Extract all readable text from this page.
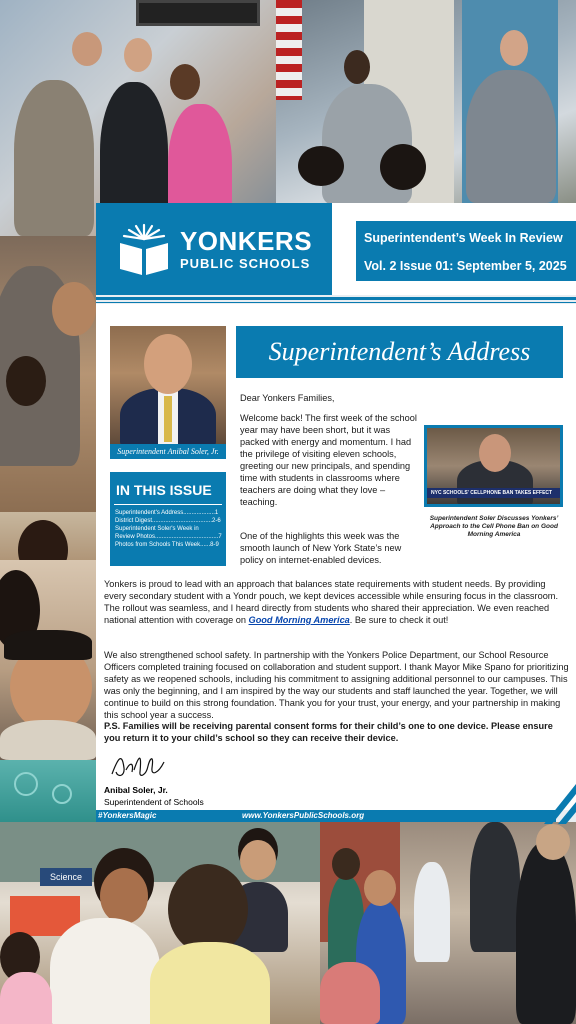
Science
YONKERS
PUBLIC SCHOOLS
Superintendent’s Week In Review
Vol. 2 Issue 01: September 5, 2025
Superintendent Anibal Soler, Jr.
IN THIS ISSUE
Superintendent's Address...................1
District Digest....................................2-6
Superintendent Soler's Week in
Review Photos......................................7
Photos from Schools This Week......8-9
Superintendent’s Address
Dear Yonkers Families,
Welcome back! The first week of the school year may have been short, but it was packed with energy and momentum. I had the privilege of visiting eleven schools, greeting our new principals, and spending time with students in classrooms where teachers are doing what they love – teaching.
One of the highlights this week was the smooth launch of New York State’s new policy on internet-enabled devices.
NYC SCHOOLS' CELLPHONE BAN TAKES EFFECT
Superintendent Soler Discusses Yonkers’ Approach to the Cell Phone Ban on Good Morning America
Yonkers is proud to lead with an approach that balances state requirements with student needs. By providing every secondary student with a Yondr pouch, we kept devices accessible while ensuring focus in the classroom. The rollout was seamless, and I heard directly from students who shared their appreciation. We even reached national attention with coverage on Good Morning America. Be sure to check it out!
We also strengthened school safety. In partnership with the Yonkers Police Department, our School Resource Officers completed training focused on collaboration and student support. I thank Mayor Mike Spano for prioritizing safety as we reopened schools, including his commitment to assigning additional personnel to our campuses. This was only the beginning, and I am inspired by the way our students and staff launched the year. Together, we will continue to build on this strong foundation. Thank you for your trust, your energy, and your partnership in making this school year a success.
P.S. Families will be receiving parental consent forms for their child’s one to one device. Please ensure you return it to your child’s school so they can receive their device.
Anibal Soler, Jr.
Superintendent of Schools
#YonkersMagic	www.YonkersPublicSchools.org
